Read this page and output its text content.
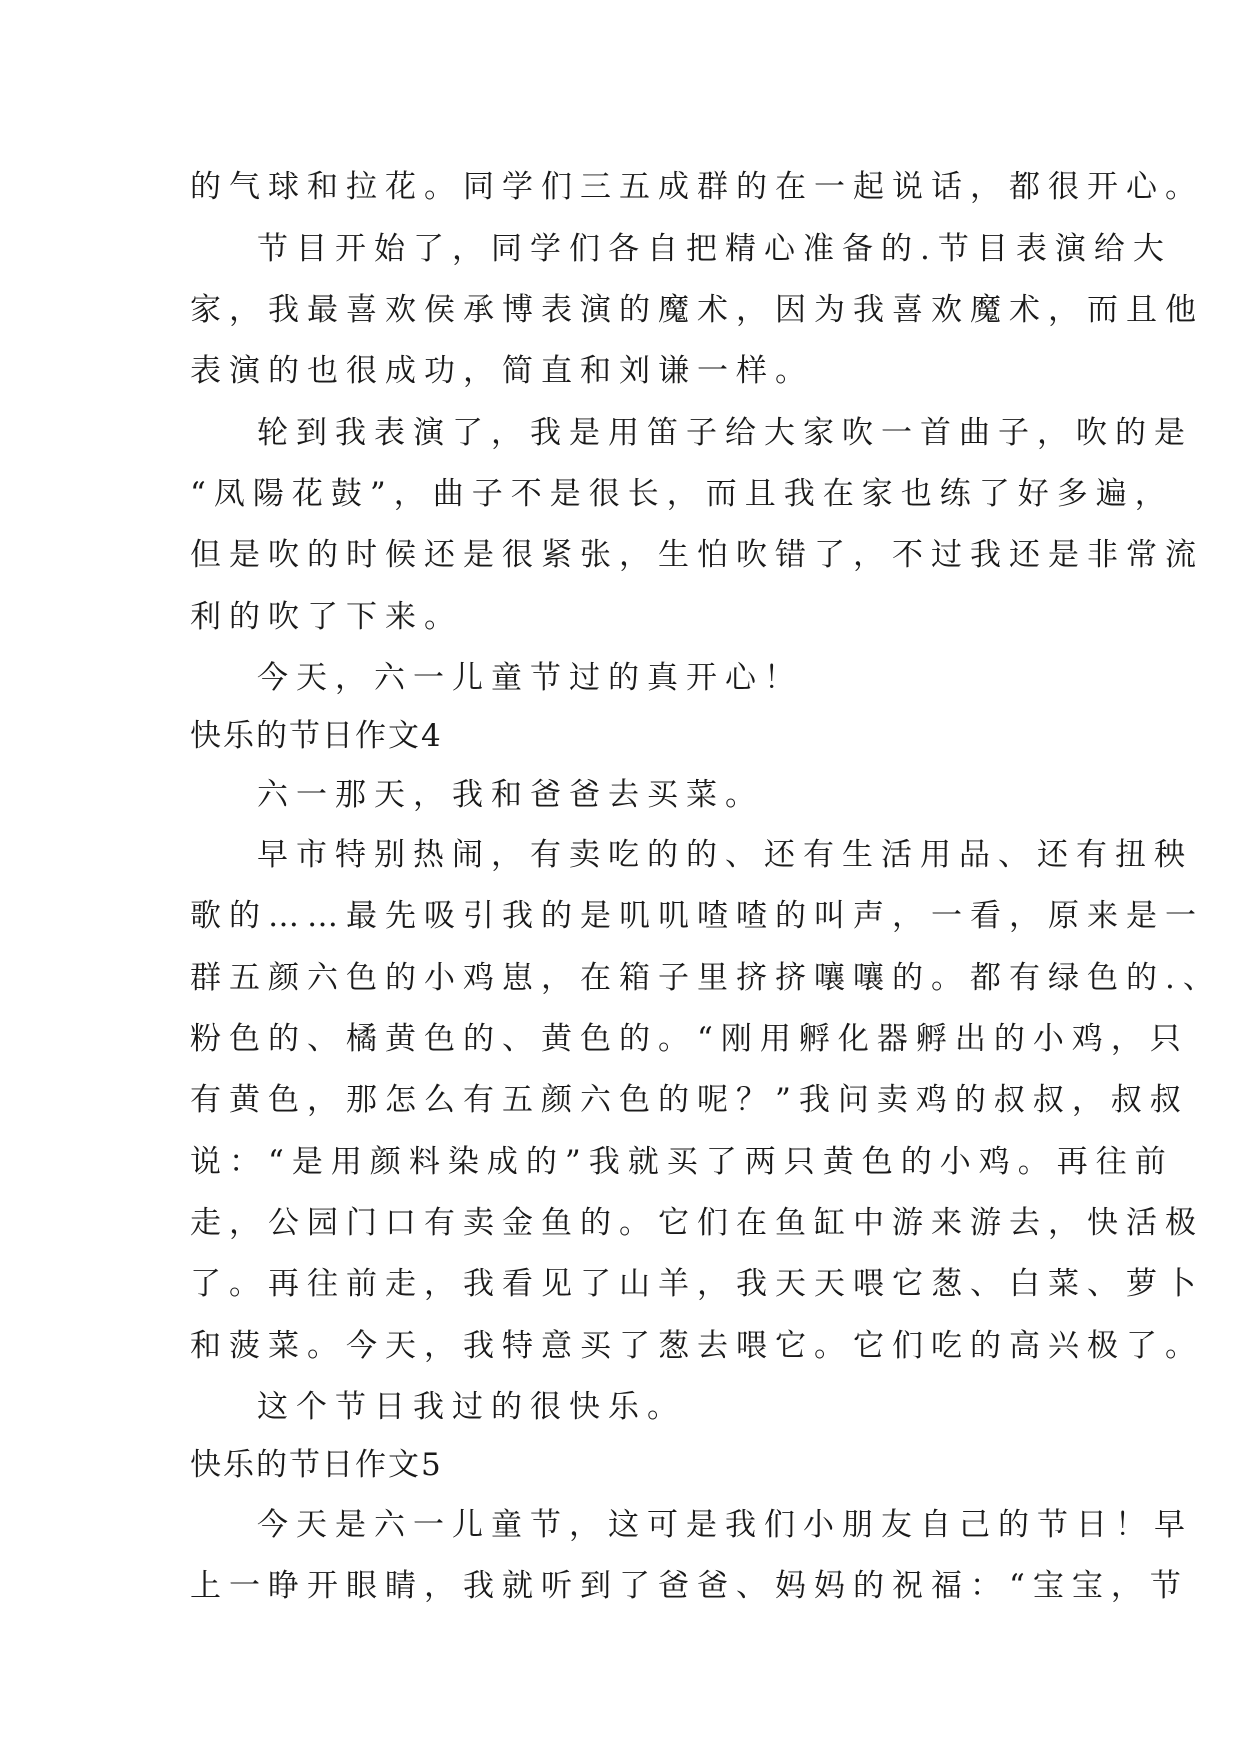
的气球和拉花。同学们三五成群的在一起说话，都很开心。
节目开始了，同学们各自把精心准备的.节目表演给大
家，我最喜欢侯承博表演的魔术，因为我喜欢魔术，而且他
表演的也很成功，简直和刘谦一样。
轮到我表演了，我是用笛子给大家吹一首曲子，吹的是
“凤陽花鼓”，曲子不是很长，而且我在家也练了好多遍，
但是吹的时候还是很紧张，生怕吹错了，不过我还是非常流
利的吹了下来。
今天，六一儿童节过的真开心！
快乐的节日作文4
六一那天，我和爸爸去买菜。
早市特别热闹，有卖吃的的、还有生活用品、还有扭秧
歌的……最先吸引我的是叽叽喳喳的叫声，一看，原来是一
群五颜六色的小鸡崽，在箱子里挤挤嚷嚷的。都有绿色的.、
粉色的、橘黄色的、黄色的。“刚用孵化器孵出的小鸡，只
有黄色，那怎么有五颜六色的呢？”我问卖鸡的叔叔，叔叔
说：“是用颜料染成的”我就买了两只黄色的小鸡。再往前
走，公园门口有卖金鱼的。它们在鱼缸中游来游去，快活极
了。再往前走，我看见了山羊，我天天喂它葱、白菜、萝卜
和菠菜。今天，我特意买了葱去喂它。它们吃的高兴极了。
这个节日我过的很快乐。
快乐的节日作文5
今天是六一儿童节，这可是我们小朋友自己的节日！早
上一睁开眼睛，我就听到了爸爸、妈妈的祝福：“宝宝，节
